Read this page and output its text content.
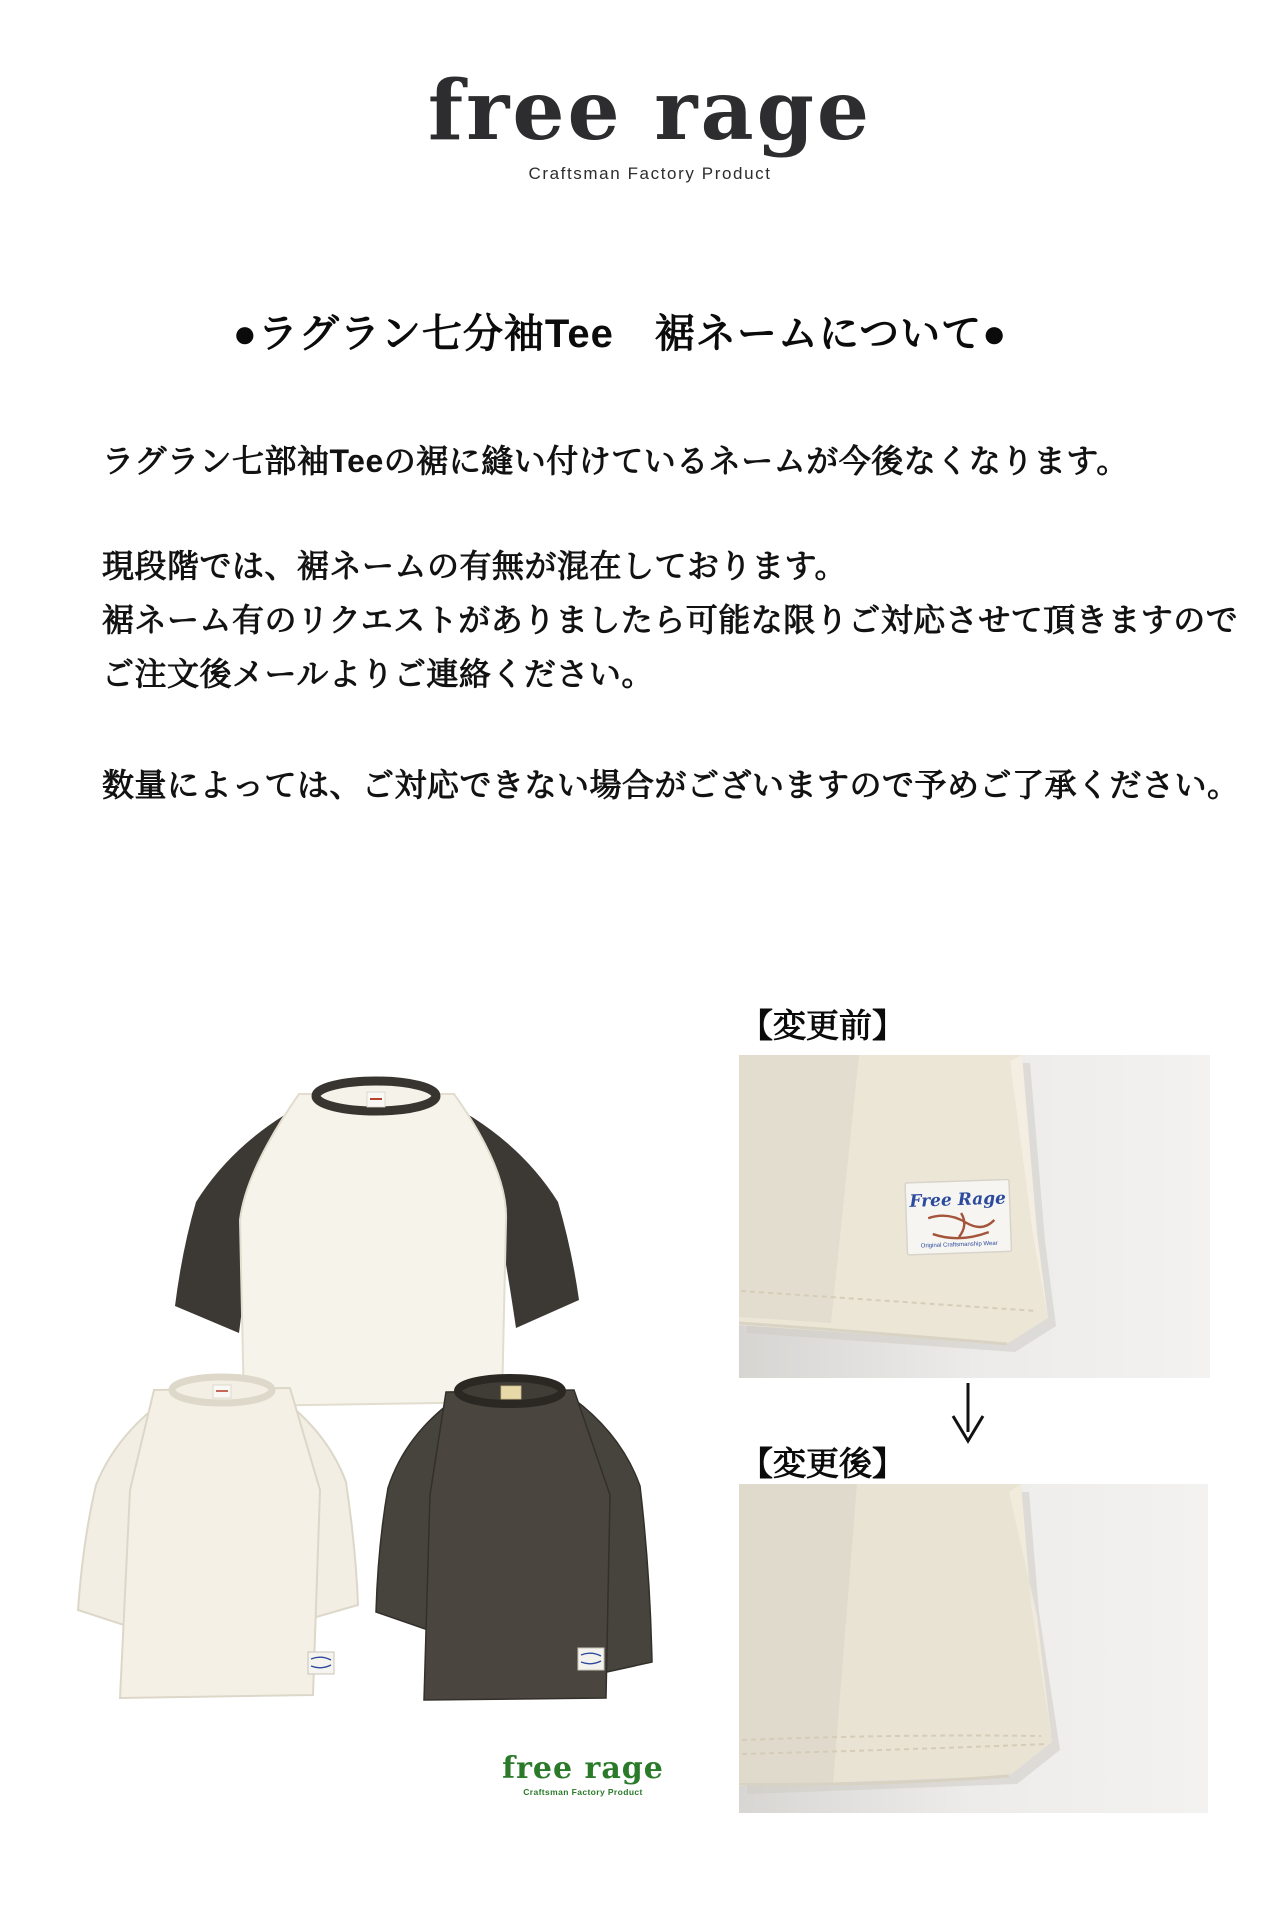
free rage
Craftsman Factory Product
●ラグラン七分袖Tee　裾ネームについて●
ラグラン七部袖Teeの裾に縫い付けているネームが今後なくなります。
現段階では、裾ネームの有無が混在しております。
裾ネーム有のリクエストがありましたら可能な限りご対応させて頂きますので
ご注文後メールよりご連絡ください。
数量によっては、ご対応できない場合がございますので予めご了承ください。
【変更前】
【変更後】
free rage
Craftsman Factory Product
Free Rage
Original Craftsmanship Wear
